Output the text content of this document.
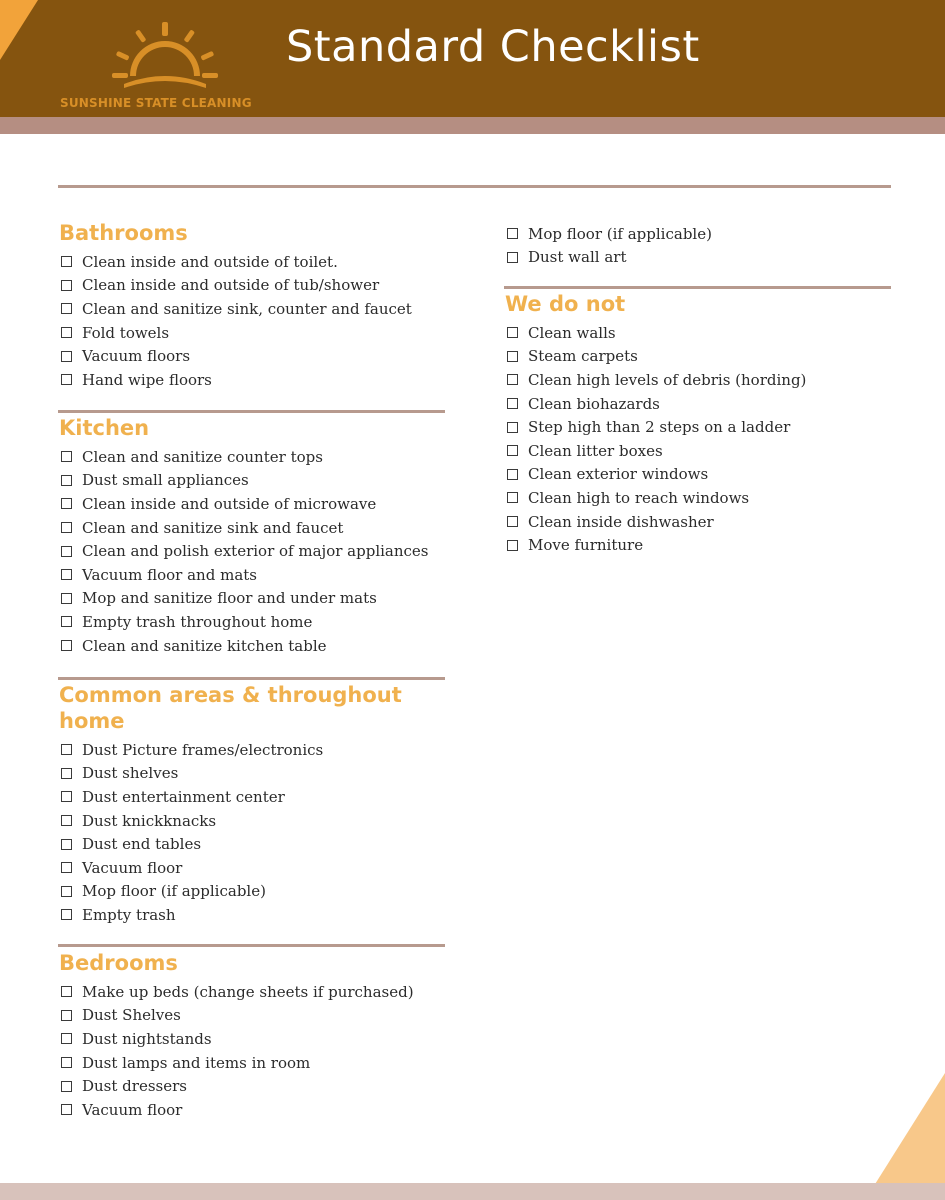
SUNSHINE STATE CLEANING
Standard Checklist
Bathrooms
Clean inside and outside of toilet.
Clean inside and outside of tub/shower
Clean and sanitize sink, counter and faucet
Fold towels
Vacuum floors
Hand wipe floors
Kitchen
Clean and sanitize counter tops
Dust small appliances
Clean inside and outside of microwave
Clean and sanitize sink and faucet
Clean and polish exterior of major appliances
Vacuum floor and mats
Mop and sanitize floor and under mats
Empty trash throughout home
Clean and sanitize kitchen table
Common areas & throughout
home
Dust Picture frames/electronics
Dust shelves
Dust entertainment center
Dust knickknacks
Dust end tables
Vacuum floor
Mop floor (if applicable)
Empty trash
Bedrooms
Make up beds (change sheets if purchased)
Dust Shelves
Dust nightstands
Dust lamps and items in room
Dust dressers
Vacuum floor
Mop floor (if applicable)
Dust wall art
We do not
Clean walls
Steam carpets
Clean high levels of debris (hording)
Clean biohazards
Step high than 2 steps on a ladder
Clean litter boxes
Clean exterior windows
Clean high to reach windows
Clean inside dishwasher
Move furniture
